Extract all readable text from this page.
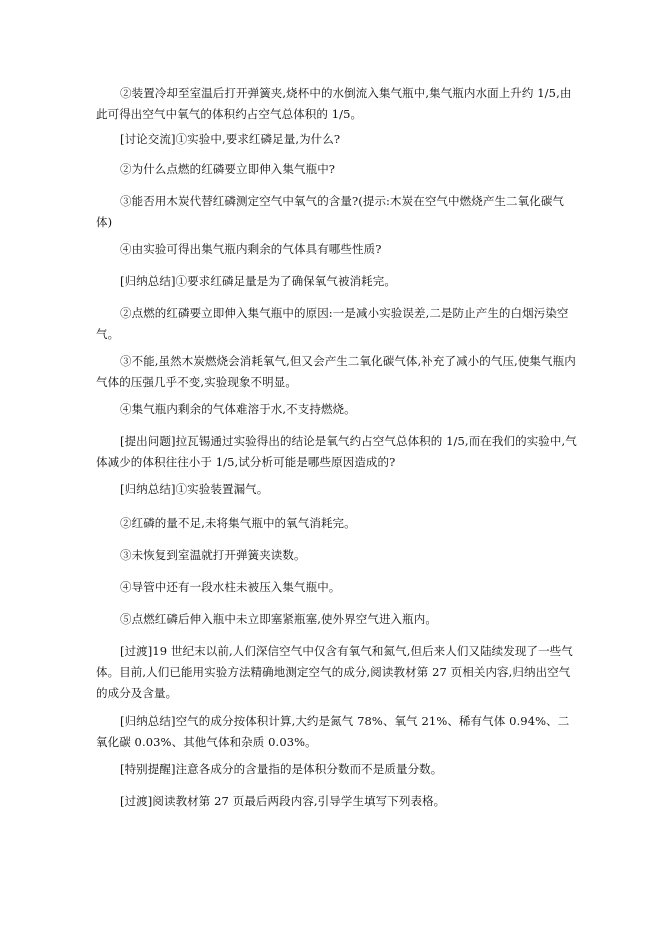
②装置冷却至室温后打开弹簧夹,烧杯中的水倒流入集气瓶中,集气瓶内水面上升约 1/5,由此可得出空气中氧气的体积约占空气总体积的 1/5。

[讨论交流]①实验中,要求红磷足量,为什么?

②为什么点燃的红磷要立即伸入集气瓶中?

③能否用木炭代替红磷测定空气中氧气的含量?(提示:木炭在空气中燃烧产生二氧化碳气体)

④由实验可得出集气瓶内剩余的气体具有哪些性质?

[归纳总结]①要求红磷足量是为了确保氧气被消耗完。

②点燃的红磷要立即伸入集气瓶中的原因:一是减小实验误差,二是防止产生的白烟污染空气。

③不能,虽然木炭燃烧会消耗氧气,但又会产生二氧化碳气体,补充了减小的气压,使集气瓶内气体的压强几乎不变,实验现象不明显。

④集气瓶内剩余的气体难溶于水,不支持燃烧。

[提出问题]拉瓦锡通过实验得出的结论是氧气约占空气总体积的 1/5,而在我们的实验中,气体减少的体积往往小于 1/5,试分析可能是哪些原因造成的?

[归纳总结]①实验装置漏气。

②红磷的量不足,未将集气瓶中的氧气消耗完。

③未恢复到室温就打开弹簧夹读数。

④导管中还有一段水柱未被压入集气瓶中。

⑤点燃红磷后伸入瓶中未立即塞紧瓶塞,使外界空气进入瓶内。

[过渡]19 世纪末以前,人们深信空气中仅含有氧气和氮气,但后来人们又陆续发现了一些气体。目前,人们已能用实验方法精确地测定空气的成分,阅读教材第 27 页相关内容,归纳出空气的成分及含量。

[归纳总结]空气的成分按体积计算,大约是氮气 78%、氧气 21%、稀有气体 0.94%、二氧化碳 0.03%、其他气体和杂质 0.03%。

[特别提醒]注意各成分的含量指的是体积分数而不是质量分数。

[过渡]阅读教材第 27 页最后两段内容,引导学生填写下列表格。
